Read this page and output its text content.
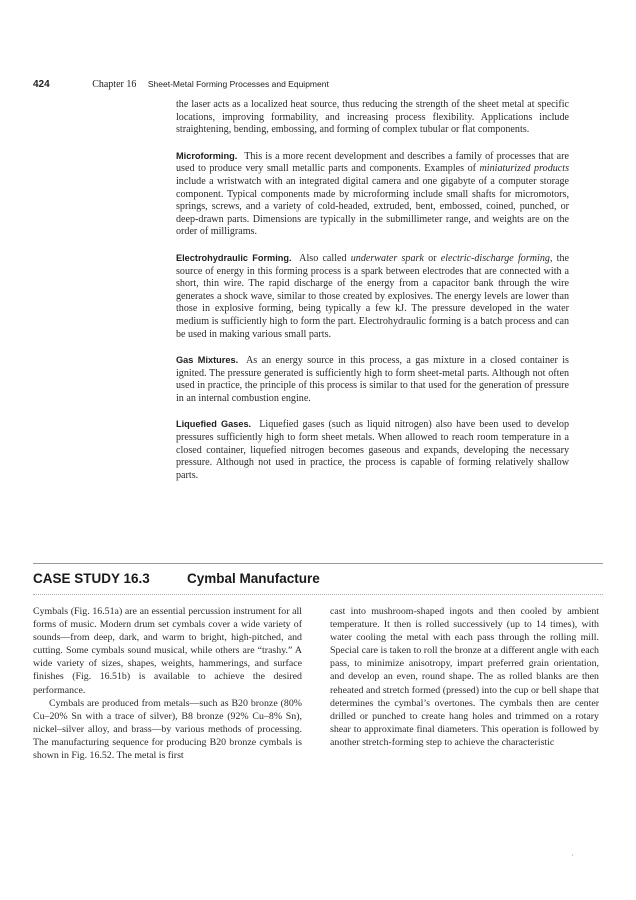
424	Chapter 16 Sheet-Metal Forming Processes and Equipment

the laser acts as a localized heat source, thus reducing the strength of the sheet metal at specific locations, improving formability, and increasing process flexibility. Applications include straightening, bending, embossing, and forming of complex tubular or flat components.

Microforming. This is a more recent development and describes a family of processes that are used to produce very small metallic parts and components. Examples of miniaturized products include a wristwatch with an integrated digital camera and one gigabyte of a computer storage component. Typical components made by microforming include small shafts for micromotors, springs, screws, and a variety of cold-headed, extruded, bent, embossed, coined, punched, or deep-drawn parts. Dimensions are typically in the submillimeter range, and weights are on the order of milligrams.

Electrohydraulic Forming. Also called underwater spark or electric-discharge forming, the source of energy in this forming process is a spark between electrodes that are connected with a short, thin wire. The rapid discharge of the energy from a capacitor bank through the wire generates a shock wave, similar to those created by explosives. The energy levels are lower than those in explosive forming, being typically a few kJ. The pressure developed in the water medium is sufficiently high to form the part. Electrohydraulic forming is a batch process and can be used in making various small parts.

Gas Mixtures. As an energy source in this process, a gas mixture in a closed container is ignited. The pressure generated is sufficiently high to form sheet-metal parts. Although not often used in practice, the principle of this process is similar to that used for the generation of pressure in an internal combustion engine.

Liquefied Gases. Liquefied gases (such as liquid nitrogen) also have been used to develop pressures sufficiently high to form sheet metals. When allowed to reach room temperature in a closed container, liquefied nitrogen becomes gaseous and expands, developing the necessary pressure. Although not used in practice, the process is capable of forming relatively shallow parts.

CASE STUDY 16.3	Cymbal Manufacture

Cymbals (Fig. 16.51a) are an essential percussion instrument for all forms of music. Modern drum set cymbals cover a wide variety of sounds—from deep, dark, and warm to bright, high-pitched, and cutting. Some cymbals sound musical, while others are “trashy.” A wide variety of sizes, shapes, weights, hammerings, and surface finishes (Fig. 16.51b) is available to achieve the desired performance.

Cymbals are produced from metals—such as B20 bronze (80% Cu–20% Sn with a trace of silver), B8 bronze (92% Cu–8% Sn), nickel–silver alloy, and brass—by various methods of processing. The manufacturing sequence for producing B20 bronze cymbals is shown in Fig. 16.52. The metal is first

cast into mushroom-shaped ingots and then cooled by ambient temperature. It then is rolled successively (up to 14 times), with water cooling the metal with each pass through the rolling mill. Special care is taken to roll the bronze at a different angle with each pass, to minimize anisotropy, impart preferred grain orientation, and develop an even, round shape. The as rolled blanks are then reheated and stretch formed (pressed) into the cup or bell shape that determines the cymbal’s overtones. The cymbals then are center drilled or punched to create hang holes and trimmed on a rotary shear to approximate final diameters. This operation is followed by another stretch-forming step to achieve the characteristic

·
